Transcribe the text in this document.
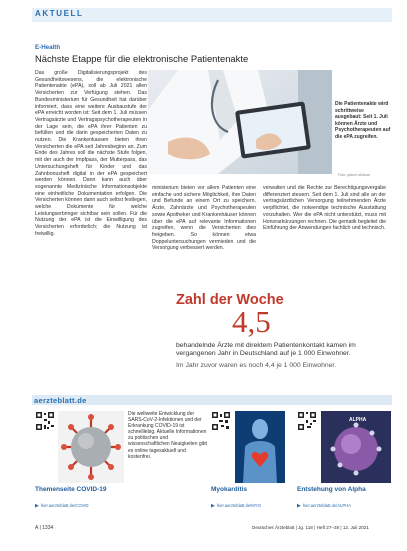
AKTUELL
E-Health
Nächste Etappe für die elektronische Patientenakte
Das große Digitalisierungsprojekt des Gesundheitswesens, die elektronische Patientenakte (ePA), soll ab Juli 2021 allen Versicherten zur Verfügung stehen. Das Bundesministerium für Gesundheit hat darüber informiert, dass eine weitere Ausbaustufe der ePA erreicht worden ist: Seit dem 1. Juli müssen Vertragsärzte und Vertragspsychotherapeuten in der Lage sein, die ePA ihrer Patienten zu befüllen und die darin gespeicherten Daten zu nutzen. Die Krankenkassen bieten ihren Versicherten die ePA seit Jahresbeginn an. Zum Ende des Jahres soll die nächste Stufe folgen, mit der auch der Impfpass, der Mutterpass, das Untersuchungsheft für Kinder und das Zahnbonusheft digital in der ePA gespeichert werden können. Dann kann auch über sogenannte Medizinische Informationsobjekte eine einheitliche Dokumentation erfolgen. Die Versicherten können dann auch selbst festlegen, welche Dokumente für welche Leistungserbringer sichtbar sein sollen. Für die Nutzung der ePA ist die Einwilligung des Versicherten erforderlich; die Nutzung ist freiwillig.
Die Patientenakte wird schrittweise ausgebaut: Seit 1. Juli können Ärzte und Psychotherapeuten auf die ePA zugreifen.
Foto: picture alliance
ministerium bieten vor allem Patienten eine einfache und sichere Möglichkeit, ihre Daten und Befunde an einem Ort zu speichern. Ärzte, Zahnärzte und Psychotherapeuten sowie Apotheker und Krankenhäuser können über die ePA auf relevante Informationen zugreifen, wenn die Versicherten dies freigeben. So können etwa Doppeluntersuchungen vermieden und die Versorgung verbessert werden.
verwalten und die Rechte zur Berechtigungsvergabe differenziert steuern. Seit dem 1. Juli sind alle an der vertragsärztlichen Versorgung teilnehmenden Ärzte verpflichtet, die notwendige technische Ausstattung vorzuhalten. Wer die ePA nicht unterstützt, muss mit Honorarkürzungen rechnen. Die gematik begleitet die Einführung der Anwendungen fachlich und technisch.
Zahl der Woche
4,5
behandelnde Ärzte mit direktem Patientenkontakt kamen im vergangenen Jahr in Deutschland auf je 1 000 Einwohner.
Im Jahr zuvor waren es noch 4,4 je 1 000 Einwohner.
aerzteblatt.de
Themenseite COVID-19
▶ hier.aerzteblatt.de/COVID
Die weltweite Entwicklung der SARS-CoV-2-Infektionen und der Erkrankung COVID-19 ist schnelllebig. Aktuelle Informationen zu politischen und wissenschaftlichen Neuigkeiten gibt es online tagesaktuell und kostenfrei.
Myokarditis
▶ hier.aerzteblatt.de/MYO
ALPHA
Entstehung von Alpha
▶ hier.aerzteblatt.de/ALPHA
A | 1334	Deutsches Ärzteblatt | Jg. 118 | Heft 27–28 | 12. Juli 2021
